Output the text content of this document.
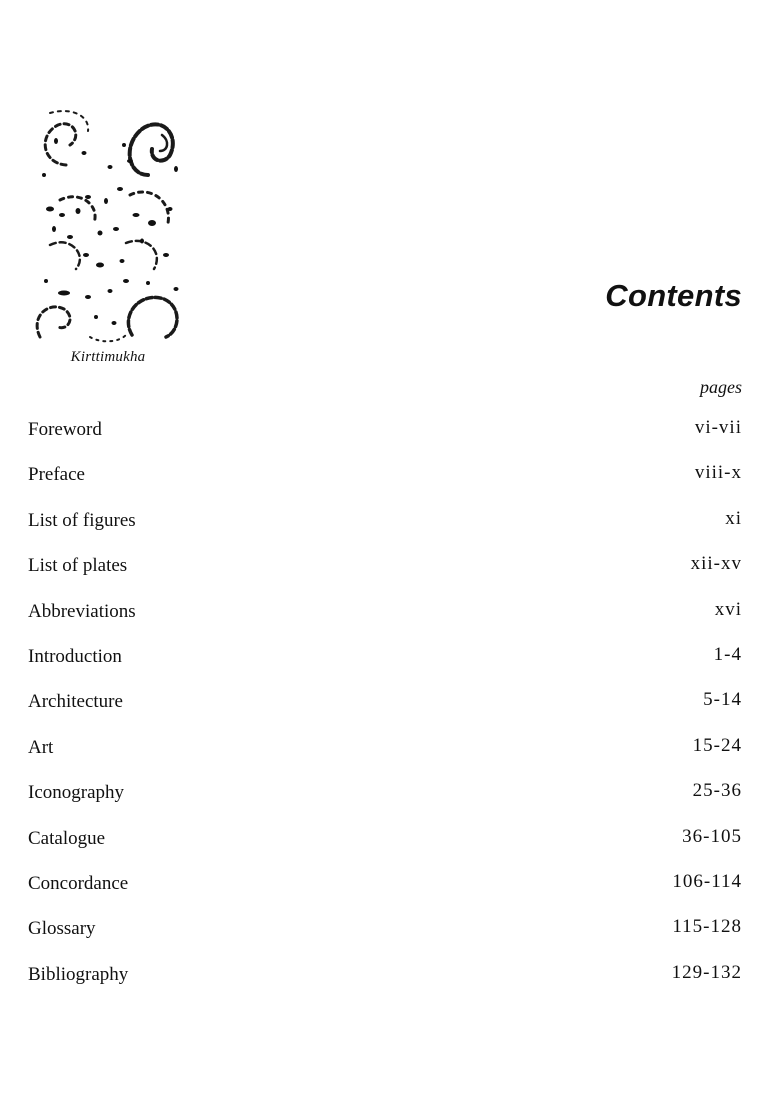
Kirttimukha
Contents
pages
Foreword	vi-vii
Preface	viii-x
List of figures	xi
List of plates	xii-xv
Abbreviations	xvi
Introduction	1-4
Architecture	5-14
Art	15-24
Iconography	25-36
Catalogue	36-105
Concordance	106-114
Glossary	115-128
Bibliography	129-132
